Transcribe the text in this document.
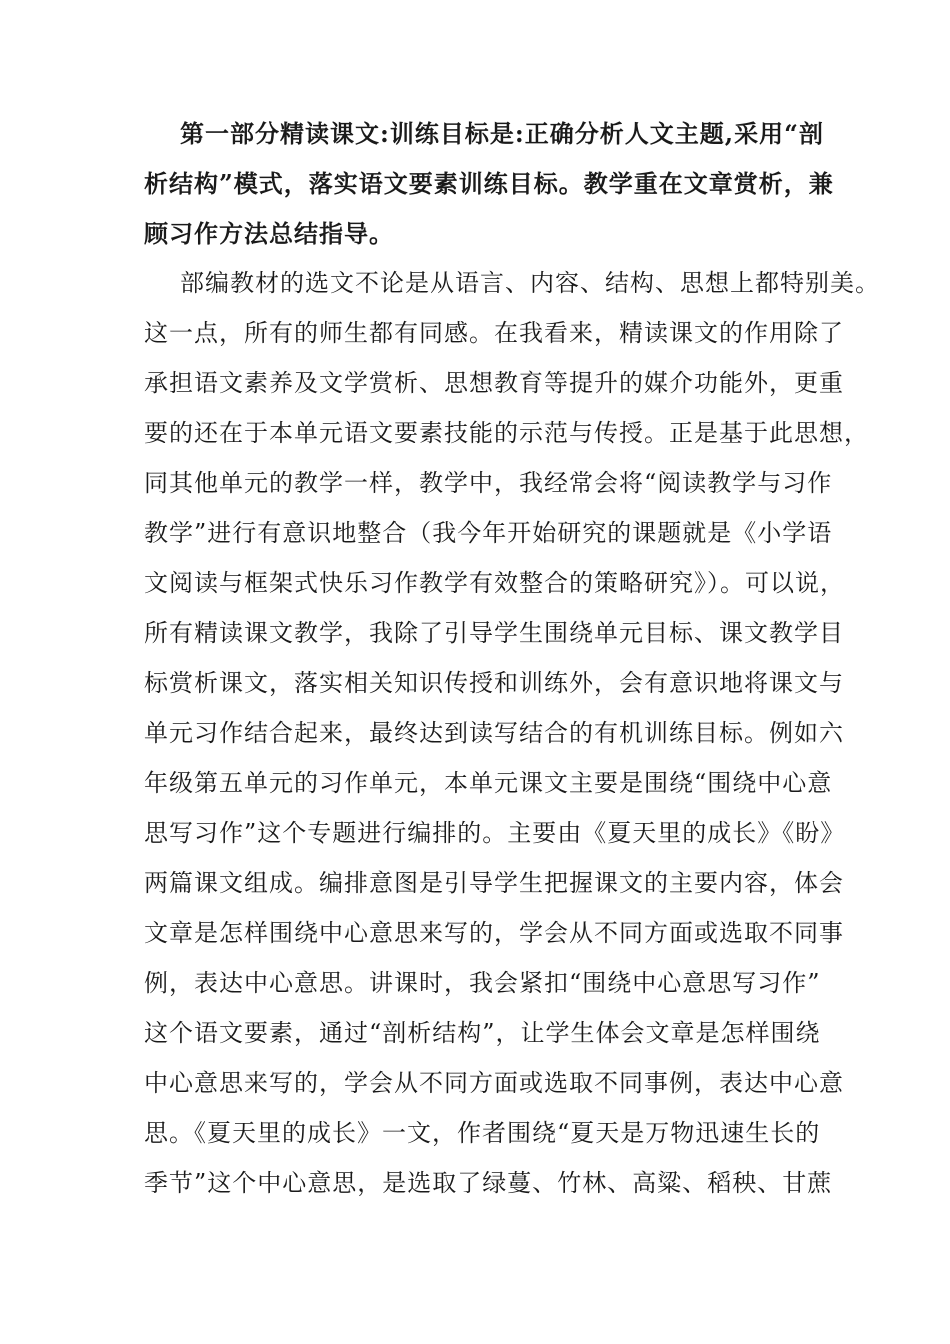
第一部分精读课文:训练目标是:正确分析人文主题,采用“剖
析结构”模式，落实语文要素训练目标。教学重在文章赏析，兼
顾习作方法总结指导。

部编教材的选文不论是从语言、内容、结构、思想上都特别美。
这一点，所有的师生都有同感。在我看来，精读课文的作用除了
承担语文素养及文学赏析、思想教育等提升的媒介功能外，更重
要的还在于本单元语文要素技能的示范与传授。正是基于此思想，
同其他单元的教学一样，教学中，我经常会将“阅读教学与习作
教学”进行有意识地整合（我今年开始研究的课题就是《小学语
文阅读与框架式快乐习作教学有效整合的策略研究》）。可以说，
所有精读课文教学，我除了引导学生围绕单元目标、课文教学目
标赏析课文，落实相关知识传授和训练外，会有意识地将课文与
单元习作结合起来，最终达到读写结合的有机训练目标。例如六
年级第五单元的习作单元，本单元课文主要是围绕“围绕中心意
思写习作”这个专题进行编排的。主要由《夏天里的成长》《盼》
两篇课文组成。编排意图是引导学生把握课文的主要内容，体会
文章是怎样围绕中心意思来写的，学会从不同方面或选取不同事
例，表达中心意思。讲课时，我会紧扣“围绕中心意思写习作”
这个语文要素，通过“剖析结构”，让学生体会文章是怎样围绕
中心意思来写的，学会从不同方面或选取不同事例，表达中心意
思。《夏天里的成长》一文，作者围绕“夏天是万物迅速生长的
季节”这个中心意思，是选取了绿蔓、竹林、高粱、稻秧、甘蔗
